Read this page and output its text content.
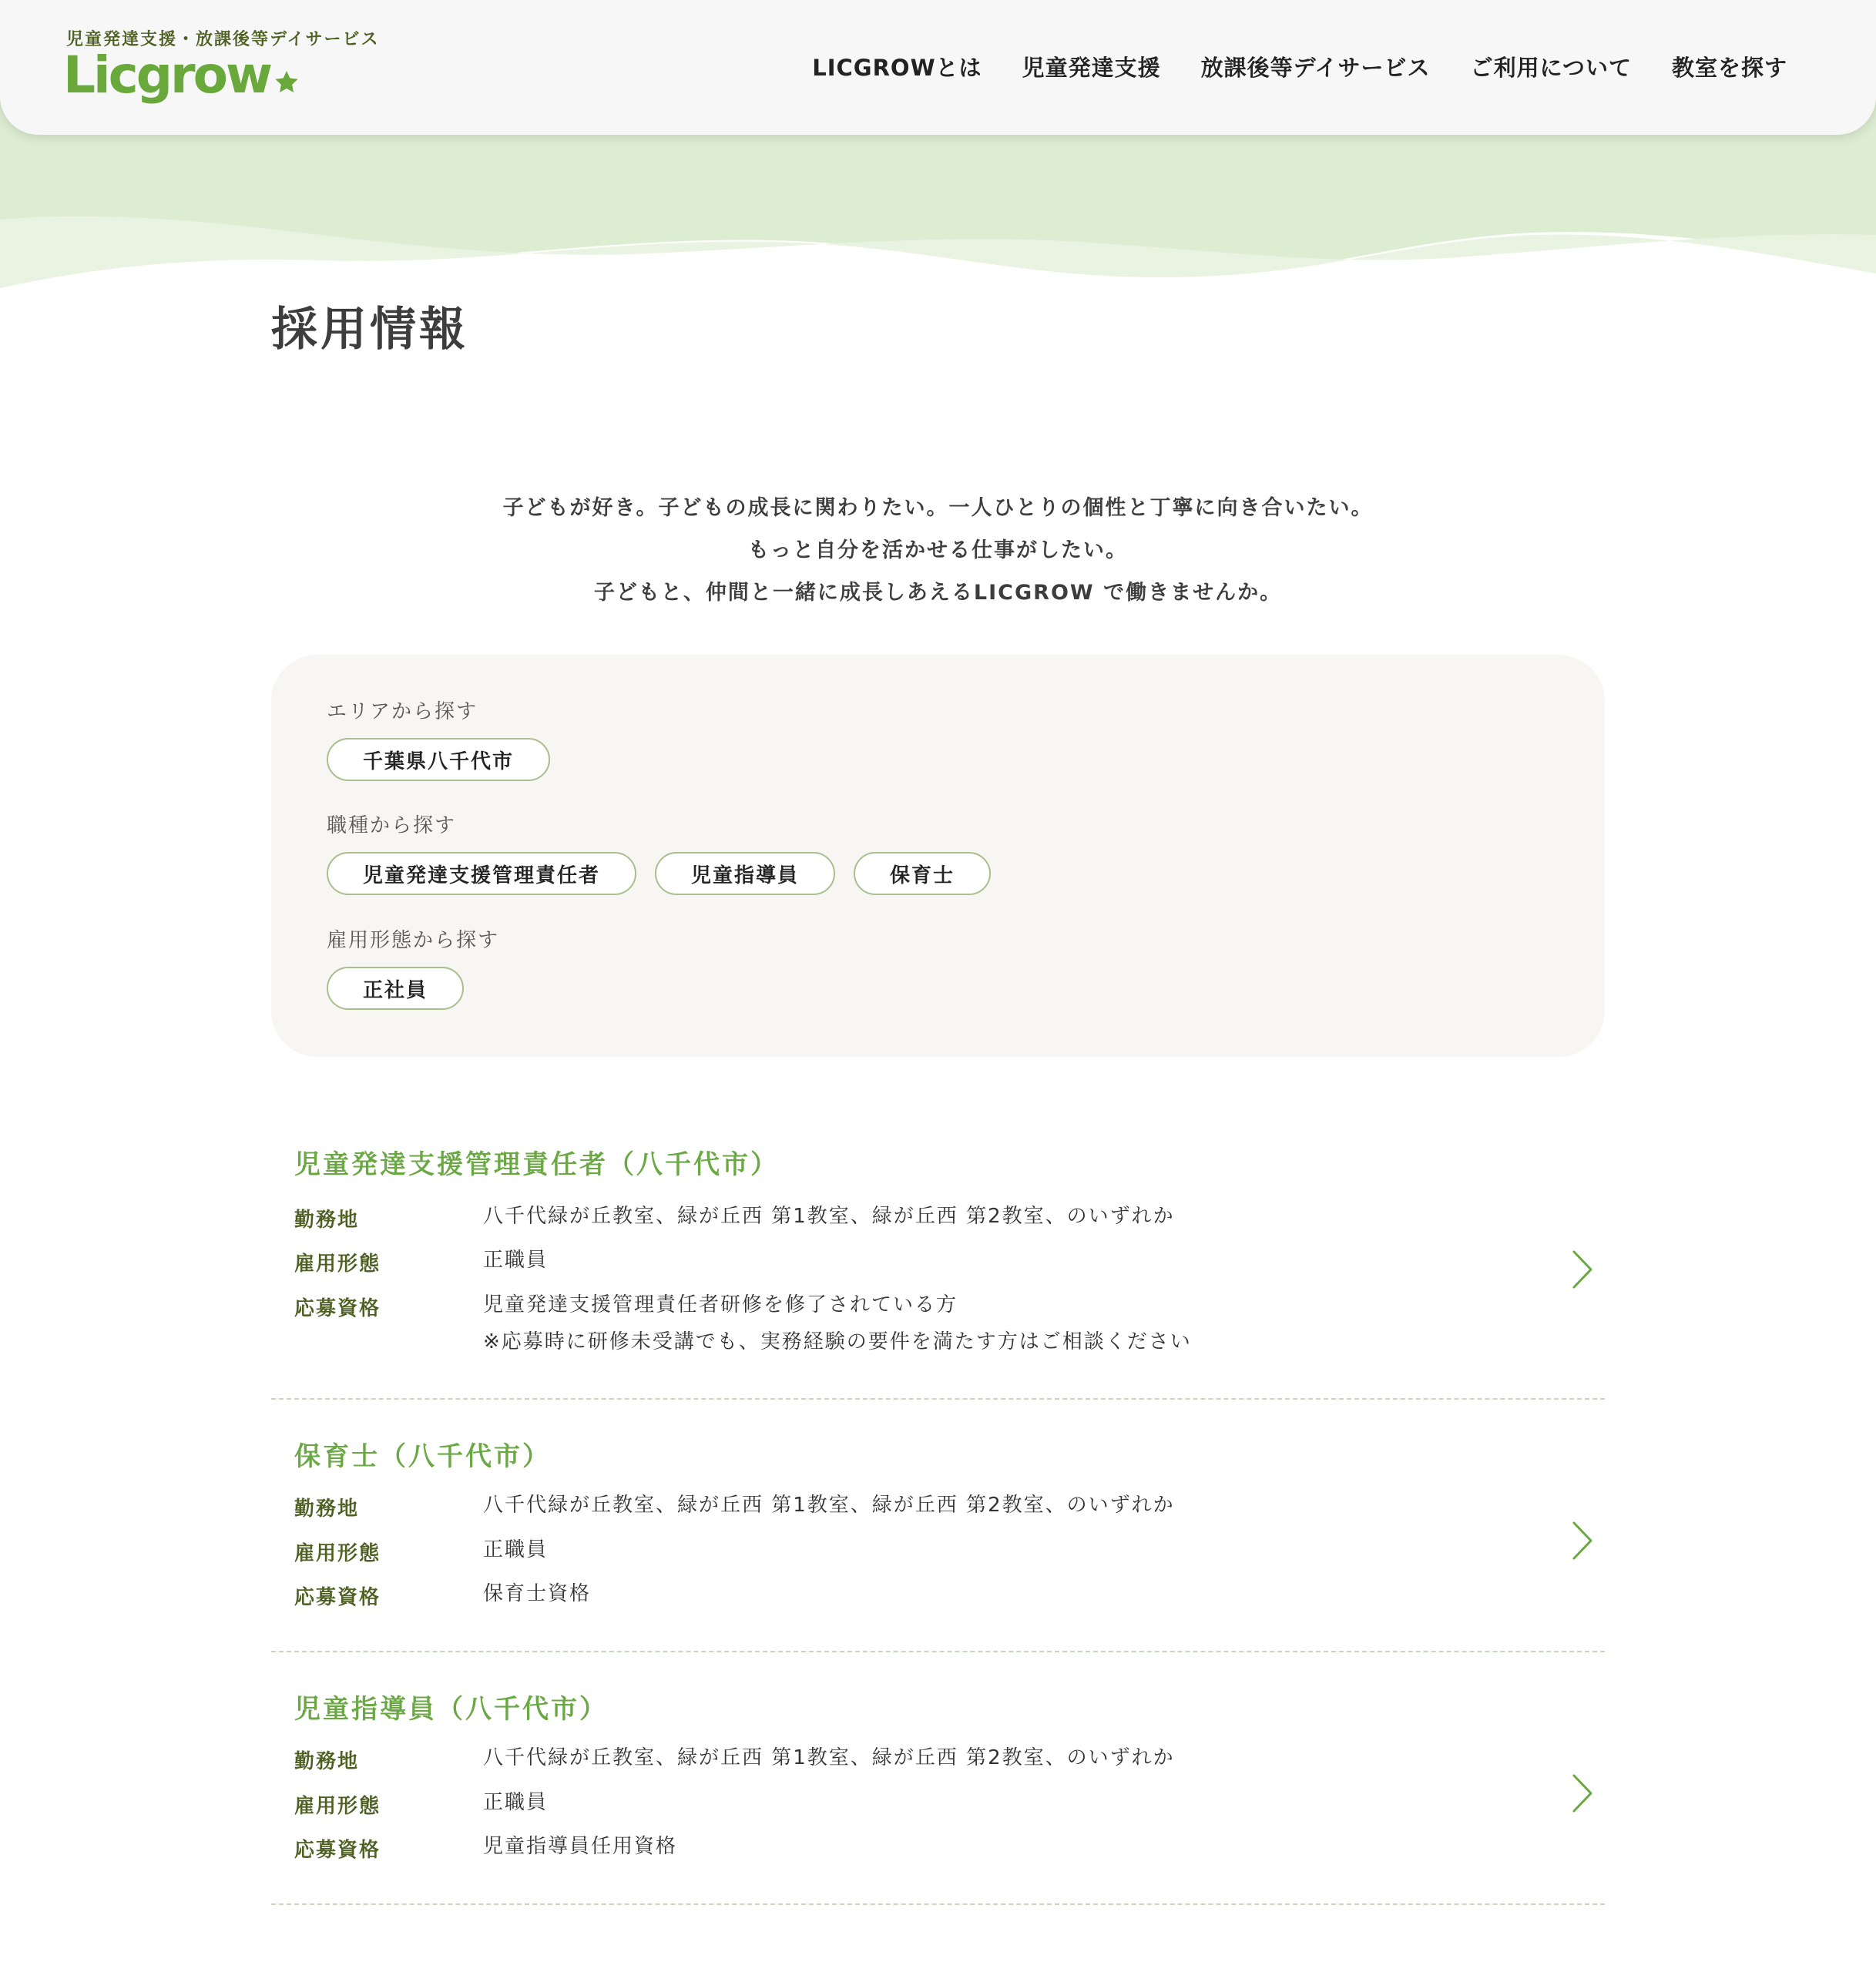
児童発達支援・放課後等デイサービス
Licgrow	LICGROWとは 児童発達支援 放課後等デイサービス ご利用について 教室を探す
採用情報

子どもが好き。子どもの成長に関わりたい。一人ひとりの個性と丁寧に向き合いたい。

もっと自分を活かせる仕事がしたい。

子どもと、仲間と一緒に成長しあえるLICGROW で働きませんか。

エリアから探す

千葉県八千代市

職種から探す

児童発達支援管理責任者	児童指導員	保育士

雇用形態から探す

正社員
児童発達支援管理責任者（八千代市）
勤務地	八千代緑が丘教室、緑が丘西 第1教室、緑が丘西 第2教室、のいずれか
雇用形態	正職員
応募資格	児童発達支援管理責任者研修を修了されている方
※応募時に研修未受講でも、実務経験の要件を満たす方はご相談ください
保育士（八千代市）
勤務地	八千代緑が丘教室、緑が丘西 第1教室、緑が丘西 第2教室、のいずれか
雇用形態	正職員
応募資格	保育士資格
児童指導員（八千代市）
勤務地	八千代緑が丘教室、緑が丘西 第1教室、緑が丘西 第2教室、のいずれか
雇用形態	正職員
応募資格	児童指導員任用資格
